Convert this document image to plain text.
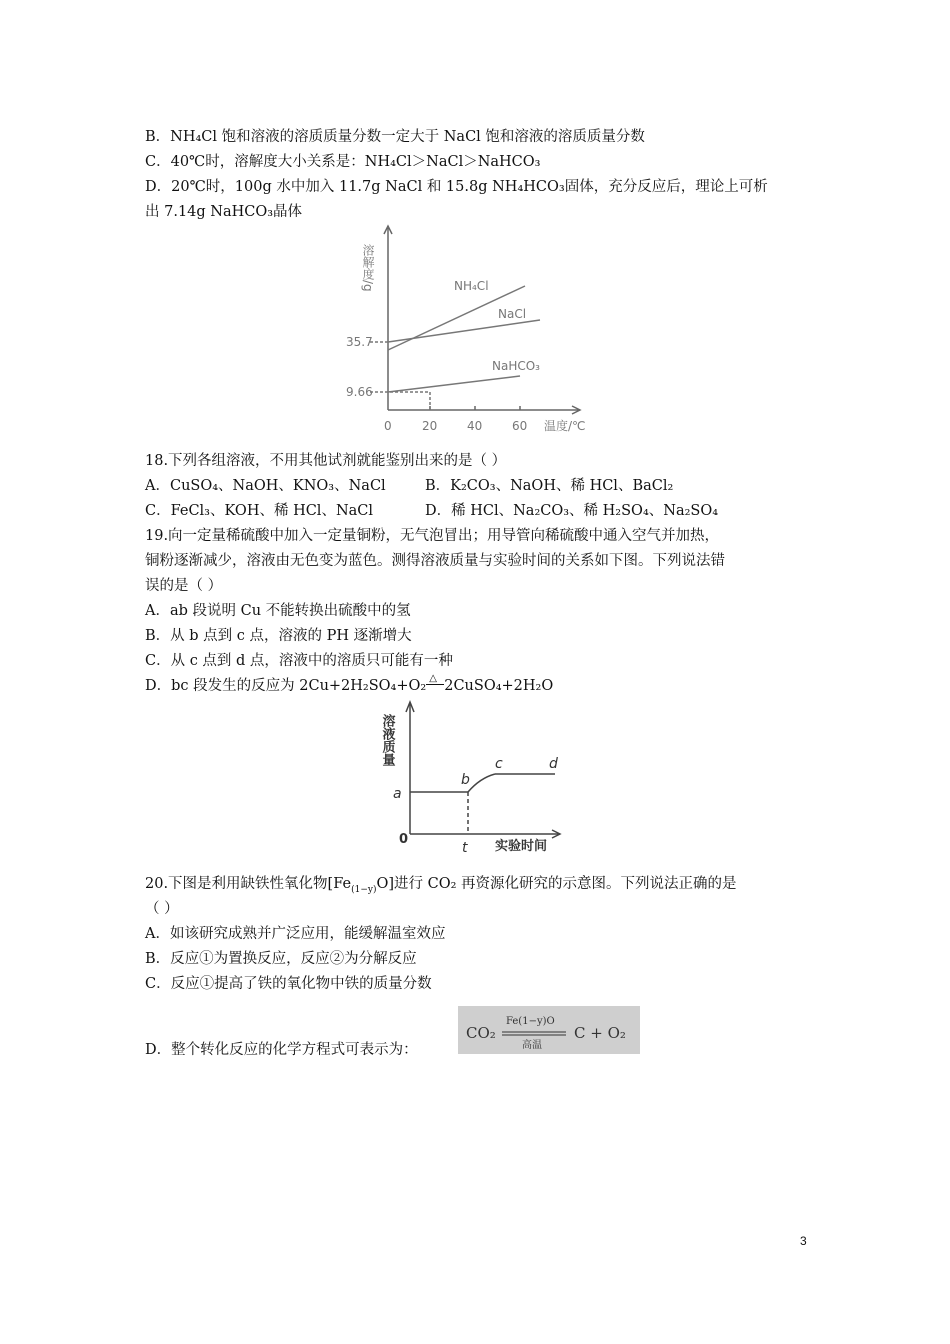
B．NH₄Cl 饱和溶液的溶质质量分数一定大于 NaCl 饱和溶液的溶质质量分数
C．40℃时，溶解度大小关系是：NH₄Cl＞NaCl＞NaHCO₃
D．20℃时，100g 水中加入 11.7g NaCl 和 15.8g NH₄HCO₃固体，充分反应后，理论上可析
出 7.14g NaHCO₃晶体
溶解度/g
35.7
9.66
0	20 40 60 温度/℃
NH₄Cl
NaCl
NaHCO₃
18.下列各组溶液，不用其他试剂就能鉴别出来的是（ ）
A．CuSO₄、NaOH、KNO₃、NaCl	B．K₂CO₃、NaOH、稀 HCl、BaCl₂
C．FeCl₃、KOH、稀 HCl、NaCl	D．稀 HCl、Na₂CO₃、稀 H₂SO₄、Na₂SO₄
19.向一定量稀硫酸中加入一定量铜粉，无气泡冒出；用导管向稀硫酸中通入空气并加热，
铜粉逐渐减少，溶液由无色变为蓝色。测得溶液质量与实验时间的关系如下图。下列说法错
误的是（ ）
A．ab 段说明 Cu 不能转换出硫酸中的氢
B．从 b 点到 c 点，溶液的 PH 逐渐增大
C．从 c 点到 d 点，溶液中的溶质只可能有一种
D．bc 段发生的反应为 2Cu+2H₂SO₄+O₂ △ 2CuSO₄+2H₂O
a
b
c	d
t
0
溶液质量
实验时间
20.下图是利用缺铁性氧化物$[Fe_{(1-y)}O]$进行 CO₂ 再资源化研究的示意图。下列说法正确的是
（ ）
A．如该研究成熟并广泛应用，能缓解温室效应
B．反应①为置换反应，反应②为分解反应
C．反应①提高了铁的氧化物中铁的质量分数
D．整个转化反应的化学方程式可表示为：
CO₂
Fe(1−y)O
高温
C + O₂
3
